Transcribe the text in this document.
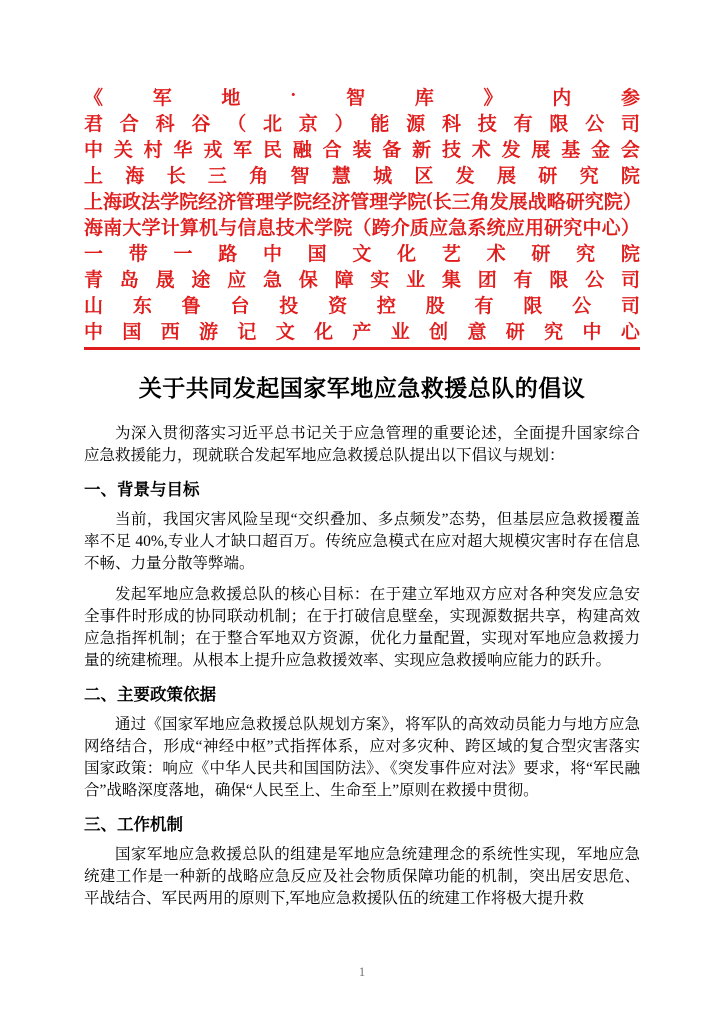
《	军	地	·	智	库	》	内	参
君 合 科 谷 （ 北 京 ） 能 源 科 技 有 限 公 司
中 关 村 华 戎 军 民 融 合 装 备 新 技 术 发 展 基 金 会
上 海 长 三 角 智 慧 城 区 发 展 研 究 院
上 海 政 法 学 院 经 济 管 理 学 院 经 济 管 理 学 院 ( 长 三 角 发 展 战 略 研 究 院 ）
海 南 大 学 计 算 机 与 信 息 技 术 学 院 （ 跨 介 质 应 急 系 统 应 用 研 究 中 心 ）
一 带 一 路 中 国 文 化 艺 术 研 究 院
青 岛 晟 途 应 急 保 障 实 业 集 团 有 限 公 司
山 东 鲁 台 投 资 控 股 有 限 公 司
中 国 西 游 记 文 化 产 业 创 意 研 究 中 心
关于共同发起国家军地应急救援总队的倡议

为深入贯彻落实习近平总书记关于应急管理的重要论述，全面提升国家综合应急救援能力，现就联合发起军地应急救援总队提出以下倡议与规划：

一、背景与目标

当前，我国灾害风险呈现“交织叠加、多点频发”态势，但基层应急救援覆盖率不足 40%,专业人才缺口超百万。传统应急模式在应对超大规模灾害时存在信息不畅、力量分散等弊端。

发起军地应急救援总队的核心目标：在于建立军地双方应对各种突发应急安全事件时形成的协同联动机制；在于打破信息壁垒，实现源数据共享，构建高效应急指挥机制；在于整合军地双方资源，优化力量配置，实现对军地应急救援力量的统建梳理。从根本上提升应急救援效率、实现应急救援响应能力的跃升。

二、主要政策依据

通过《国家军地应急救援总队规划方案》，将军队的高效动员能力与地方应急网络结合，形成“神经中枢”式指挥体系，应对多灾种、跨区域的复合型灾害落实国家政策：响应《中华人民共和国国防法》、《突发事件应对法》要求，将“军民融合”战略深度落地，确保“人民至上、生命至上”原则在救援中贯彻。

三、工作机制

国家军地应急救援总队的组建是军地应急统建理念的系统性实现，军地应急统建工作是一种新的战略应急反应及社会物质保障功能的机制，突出居安思危、平战结合、军民两用的原则下,军地应急救援队伍的统建工作将极大提升救

1
